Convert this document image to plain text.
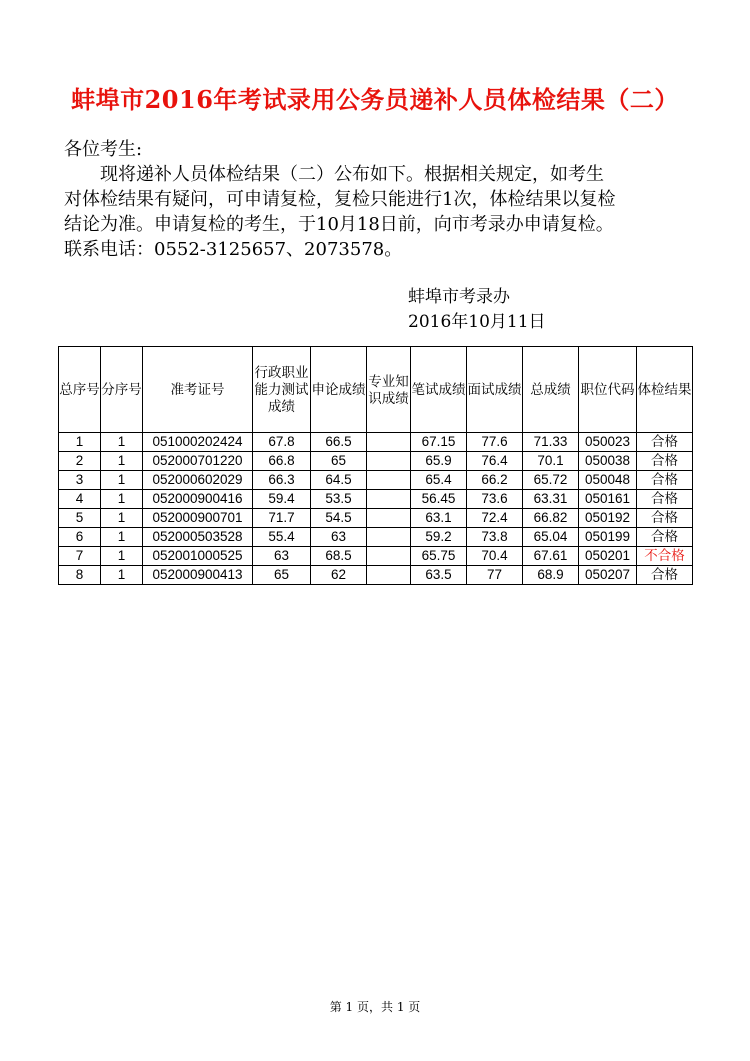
蚌埠市2016年考试录用公务员递补人员体检结果（二）

各位考生:

现将递补人员体检结果（二）公布如下。根据相关规定，如考生

对体检结果有疑问，可申请复检，复检只能进行1次，体检结果以复检

结论为准。申请复检的考生，于10月18日前，向市考录办申请复检。

联系电话：0552-3125657、2073578。

蚌埠市考录办
2016年10月11日
总序号	分序号	准考证号	行政职业能力测试成绩	申论成绩	专业知识成绩	笔试成绩	面试成绩	总成绩	职位代码	体检结果
1	1	051000202424	67.8	66.5		67.15	77.6	71.33	050023	合格
2	1	052000701220	66.8	65		65.9	76.4	70.1	050038	合格
3	1	052000602029	66.3	64.5		65.4	66.2	65.72	050048	合格
4	1	052000900416	59.4	53.5		56.45	73.6	63.31	050161	合格
5	1	052000900701	71.7	54.5		63.1	72.4	66.82	050192	合格
6	1	052000503528	55.4	63		59.2	73.8	65.04	050199	合格
7	1	052001000525	63	68.5		65.75	70.4	67.61	050201	不合格
8	1	052000900413	65	62		63.5	77	68.9	050207	合格
第 1 页，共 1 页
